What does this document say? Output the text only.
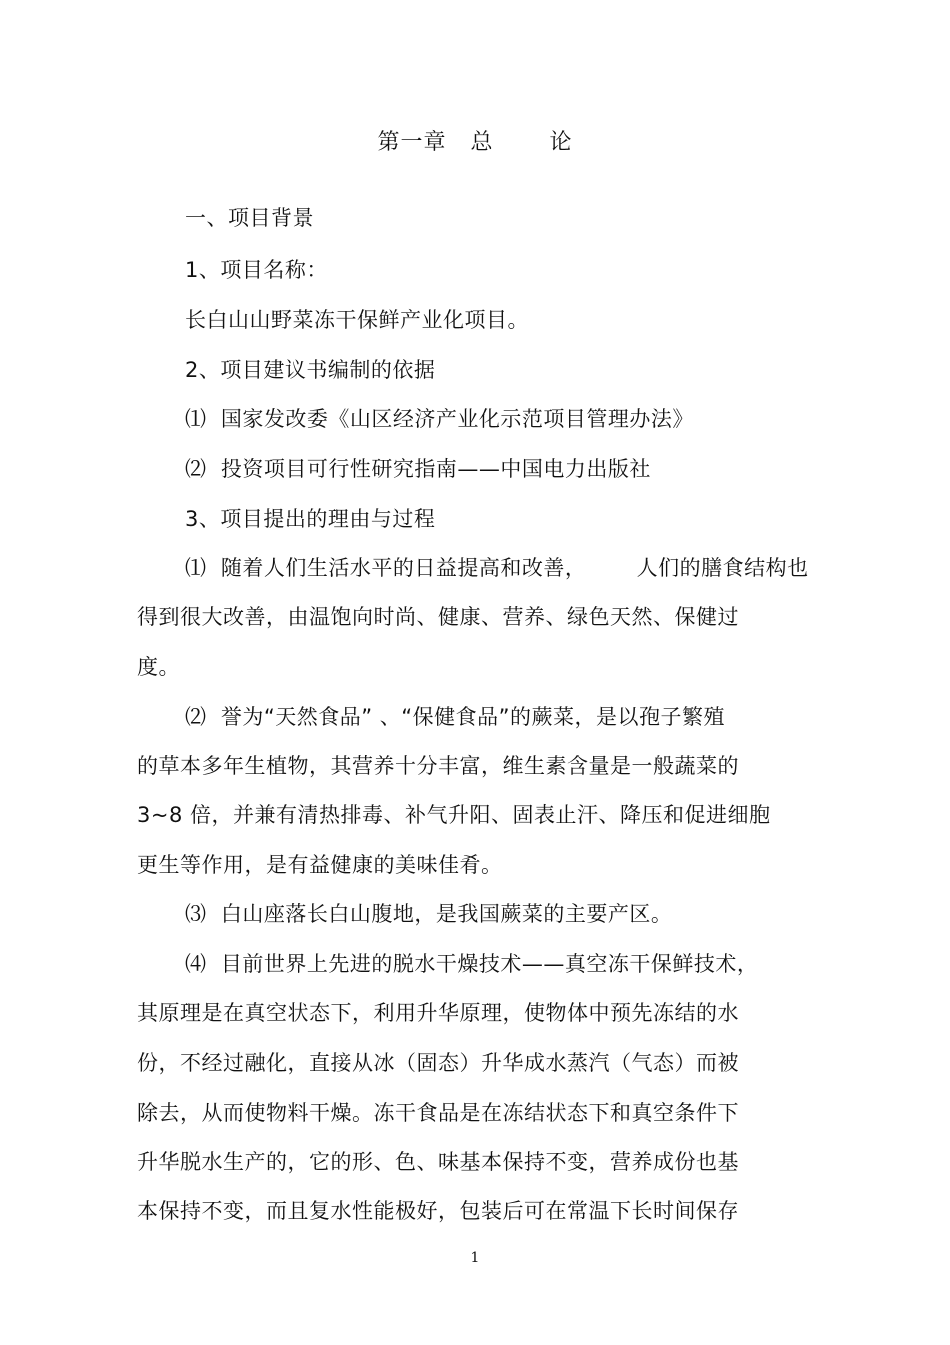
第一章   总       论
一、项目背景
1、项目名称：
长白山山野菜冻干保鲜产业化项目。
2、项目建议书编制的依据
⑴  国家发改委《山区经济产业化示范项目管理办法》
⑵  投资项目可行性研究指南——中国电力出版社
3、项目提出的理由与过程
⑴  随着人们生活水平的日益提高和改善，       人们的膳食结构也
得到很大改善，由温饱向时尚、健康、营养、绿色天然、保健过
度。
⑵  誉为“天然食品” 、“保健食品”的蕨菜，是以孢子繁殖
的草本多年生植物，其营养十分丰富，维生素含量是一般蔬菜的
3~8 倍，并兼有清热排毒、补气升阳、固表止汗、降压和促进细胞
更生等作用，是有益健康的美味佳肴。
⑶  白山座落长白山腹地，是我国蕨菜的主要产区。
⑷  目前世界上先进的脱水干燥技术——真空冻干保鲜技术，
其原理是在真空状态下，利用升华原理，使物体中预先冻结的水
份，不经过融化，直接从冰（固态）升华成水蒸汽（气态）而被
除去，从而使物料干燥。冻干食品是在冻结状态下和真空条件下
升华脱水生产的，它的形、色、味基本保持不变，营养成份也基
本保持不变，而且复水性能极好，包装后可在常温下长时间保存
1
